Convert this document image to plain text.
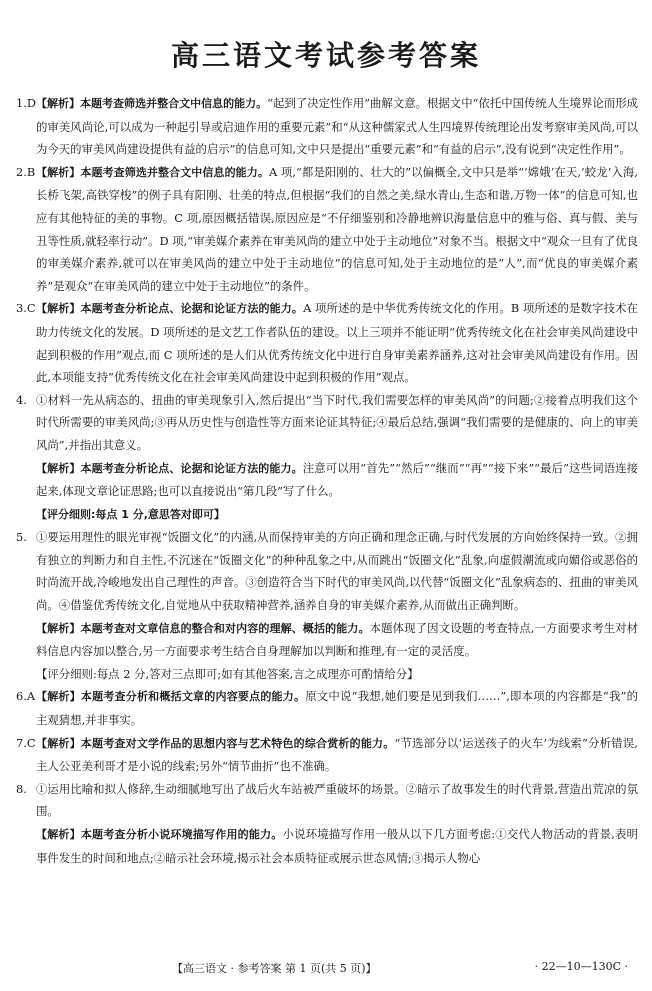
高三语文考试参考答案
1.D 【解析】本题考查筛选并整合文中信息的能力。“起到了决定性作用”曲解文意。根据文中“依托中国传统人生境界论而形成的审美风尚论,可以成为一种起引导或启迪作用的重要元素”和“从这种儒家式人生四境界传统理论出发考察审美风尚,可以为今天的审美风尚建设提供有益的启示”的信息可知,文中只是提出“重要元素”和“有益的启示”,没有说到“决定性作用”。
2.B 【解析】本题考查筛选并整合文中信息的能力。A 项,“都是阳刚的、壮大的”以偏概全,文中只是举“‘嫦娥’在天,‘蛟龙’入海,长桥飞架,高铁穿梭”的例子具有阳刚、壮美的特点,但根据“我们的自然之美,绿水青山,生态和谐,万物一体”的信息可知,也应有其他特征的美的事物。C 项,原因概括错误,原因应是“不仔细鉴别和冷静地辨识海量信息中的雅与俗、真与假、美与丑等性质,就轻率行动”。D 项,“审美媒介素养在审美风尚的建立中处于主动地位”对象不当。根据文中“观众一旦有了优良的审美媒介素养,就可以在审美风尚的建立中处于主动地位”的信息可知,处于主动地位的是“人”,而“优良的审美媒介素养”是观众“在审美风尚的建立中处于主动地位”的条件。
3.C 【解析】本题考查分析论点、论据和论证方法的能力。A 项所述的是中华优秀传统文化的作用。B 项所述的是数字技术在助力传统文化的发展。D 项所述的是文艺工作者队伍的建设。以上三项并不能证明“优秀传统文化在社会审美风尚建设中起到积极的作用”观点,而 C 项所述的是人们从优秀传统文化中进行自身审美素养涵养,这对社会审美风尚建设有作用。因此,本项能支持“优秀传统文化在社会审美风尚建设中起到积极的作用”观点。
4. ①材料一先从病态的、扭曲的审美现象引入,然后提出“当下时代,我们需要怎样的审美风尚”的问题;②接着点明我们这个时代所需要的审美风尚;③再从历史性与创造性等方面来论证其特征;④最后总结,强调“我们需要的是健康的、向上的审美风尚”,并指出其意义。
【解析】本题考查分析论点、论据和论证方法的能力。注意可以用“首先”“然后”“继而”“再”“接下来”“最后”这些词语连接起来,体现文章论证思路;也可以直接说出“第几段”写了什么。
【评分细则:每点 1 分,意思答对即可】
5. ①要运用理性的眼光审视“饭圈文化”的内涵,从而保持审美的方向正确和理念正确,与时代发展的方向始终保持一致。②拥有独立的判断力和自主性,不沉迷在“饭圈文化”的种种乱象之中,从而跳出“饭圈文化”乱象,向虚假潮流或向媚俗或恶俗的时尚流开战,冷峻地发出自己理性的声音。③创造符合当下时代的审美风尚,以代替“饭圈文化”乱象病态的、扭曲的审美风尚。④借鉴优秀传统文化,自觉地从中获取精神营养,涵养自身的审美媒介素养,从而做出正确判断。
【解析】本题考查对文章信息的整合和对内容的理解、概括的能力。本题体现了因文设题的考查特点,一方面要求考生对材料信息内容加以整合,另一方面要求考生结合自身理解加以判断和推理,有一定的灵活度。
【评分细则:每点 2 分,答对三点即可;如有其他答案,言之成理亦可酌情给分】
6.A 【解析】本题考查分析和概括文章的内容要点的能力。原文中说“我想,她们要是见到我们……”,即本项的内容都是“我”的主观猜想,并非事实。
7.C 【解析】本题考查对文学作品的思想内容与艺术特色的综合赏析的能力。“节选部分以‘运送孩子的火车’为线索”分析错误,主人公亚美利哥才是小说的线索;另外“情节曲折”也不准确。
8. ①运用比喻和拟人修辞,生动细腻地写出了战后火车站被严重破坏的场景。②暗示了故事发生的时代背景,营造出荒凉的氛围。
【解析】本题考查分析小说环境描写作用的能力。小说环境描写作用一般从以下几方面考虑:①交代人物活动的背景,表明事件发生的时间和地点;②暗示社会环境,揭示社会本质特征或展示世态风情;③揭示人物心
【高三语文 · 参考答案 第 1 页(共 5 页)】	· 22—10—130C ·
